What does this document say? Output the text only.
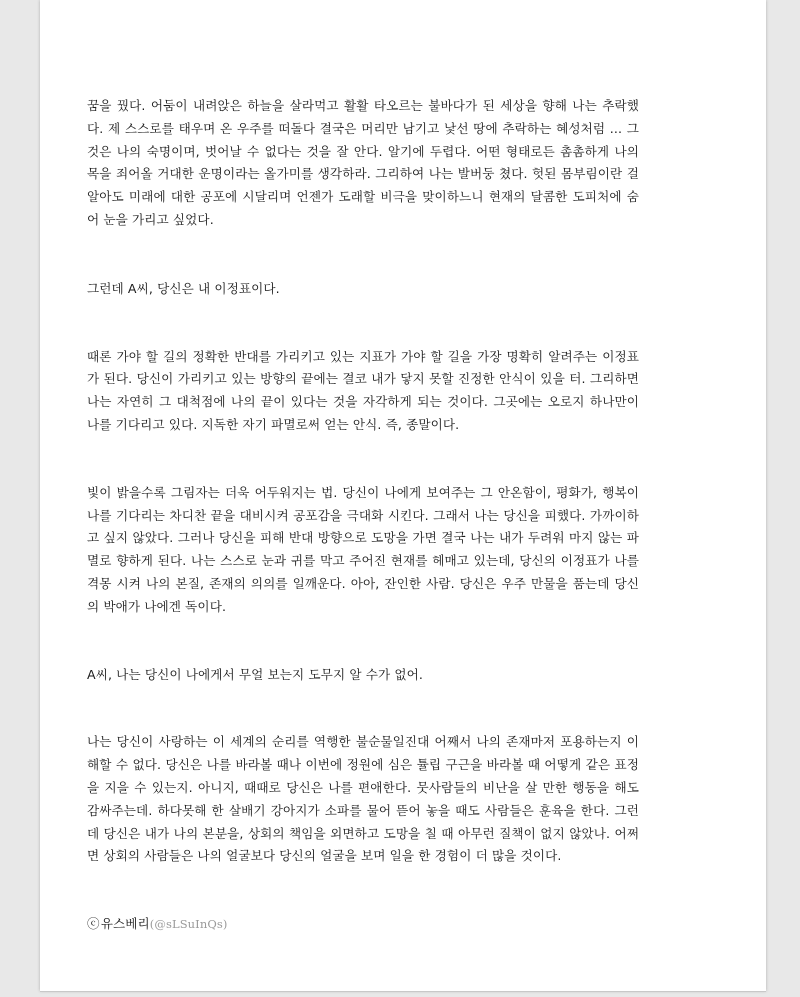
꿈을 꿨다. 어둠이 내려앉은 하늘을 살라먹고 활활 타오르는 불바다가 된 세상을 향해 나는 추락했다. 제 스스로를 태우며 온 우주를 떠돌다 결국은 머리만 남기고 낯선 땅에 추락하는 혜성처럼 ... 그것은 나의 숙명이며, 벗어날 수 없다는 것을 잘 안다. 알기에 두렵다. 어떤 형태로든 촘촘하게 나의 목을 죄어올 거대한 운명이라는 올가미를 생각하라. 그리하여 나는 발버둥 쳤다. 헛된 몸부림이란 걸 알아도 미래에 대한 공포에 시달리며 언젠가 도래할 비극을 맞이하느니 현재의 달콤한 도피처에 숨어 눈을 가리고 싶었다.

그런데 A씨, 당신은 내 이정표이다.

때론 가야 할 길의 정확한 반대를 가리키고 있는 지표가 가야 할 길을 가장 명확히 알려주는 이정표가 된다. 당신이 가리키고 있는 방향의 끝에는 결코 내가 닿지 못할 진정한 안식이 있을 터. 그리하면 나는 자연히 그 대척점에 나의 끝이 있다는 것을 자각하게 되는 것이다. 그곳에는 오로지 하나만이 나를 기다리고 있다. 지독한 자기 파멸로써 얻는 안식. 즉, 종말이다.

빛이 밝을수록 그림자는 더욱 어두워지는 법. 당신이 나에게 보여주는 그 안온함이, 평화가, 행복이 나를 기다리는 차디찬 끝을 대비시켜 공포감을 극대화 시킨다. 그래서 나는 당신을 피했다. 가까이하고 싶지 않았다. 그러나 당신을 피해 반대 방향으로 도망을 가면 결국 나는 내가 두려워 마지 않는 파멸로 향하게 된다. 나는 스스로 눈과 귀를 막고 주어진 현재를 헤매고 있는데, 당신의 이정표가 나를 격몽 시켜 나의 본질, 존재의 의의를 일깨운다. 아아, 잔인한 사람. 당신은 우주 만물을 품는데 당신의 박애가 나에겐 독이다.

A씨, 나는 당신이 나에게서 무얼 보는지 도무지 알 수가 없어.

나는 당신이 사랑하는 이 세계의 순리를 역행한 불순물일진대 어째서 나의 존재마저 포용하는지 이해할 수 없다. 당신은 나를 바라볼 때나 이번에 정원에 심은 튤립 구근을 바라볼 때 어떻게 같은 표정을 지을 수 있는지. 아니지, 때때로 당신은 나를 편애한다. 뭇사람들의 비난을 살 만한 행동을 해도 감싸주는데. 하다못해 한 살배기 강아지가 소파를 물어 뜯어 놓을 때도 사람들은 훈육을 한다. 그런데 당신은 내가 나의 본분을, 상회의 책임을 외면하고 도망을 칠 때 아무런 질책이 없지 않았나. 어쩌면 상회의 사람들은 나의 얼굴보다 당신의 얼굴을 보며 일을 한 경험이 더 많을 것이다.

ⓒ유스베리(@sLSuInQs)
